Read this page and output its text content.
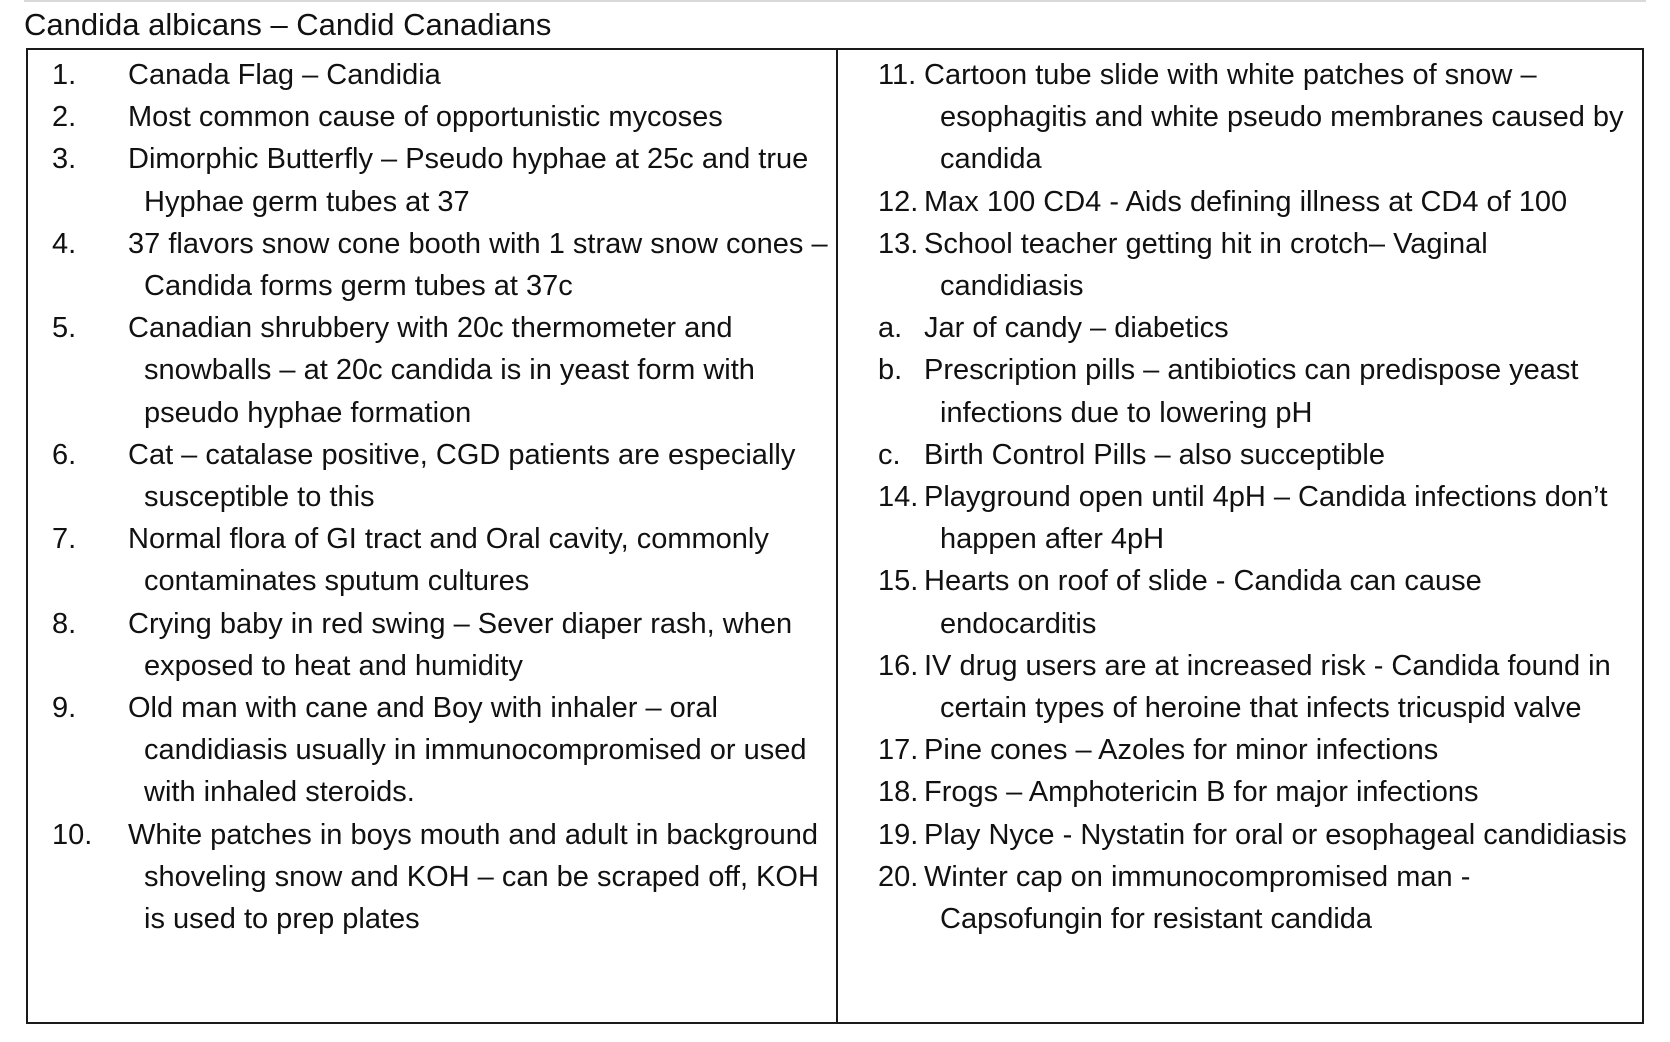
Candida albicans – Candid Canadians
1. Canada Flag – Candidia
2. Most common cause of opportunistic mycoses
3. Dimorphic Butterfly – Pseudo hyphae at 25c and true Hyphae germ tubes at 37
4. 37 flavors snow cone booth with 1 straw snow cones – Candida forms germ tubes at 37c
5. Canadian shrubbery with 20c thermometer and snowballs – at 20c candida is in yeast form with pseudo hyphae formation
6. Cat – catalase positive, CGD patients are especially susceptible to this
7. Normal flora of GI tract and Oral cavity, commonly contaminates sputum cultures
8. Crying baby in red swing – Sever diaper rash, when exposed to heat and humidity
9. Old man with cane and Boy with inhaler – oral candidiasis usually in immunocompromised or used with inhaled steroids.
10. White patches in boys mouth and adult in background shoveling snow and KOH – can be scraped off, KOH is used to prep plates
11. Cartoon tube slide with white patches of snow – esophagitis and white pseudo membranes caused by candida
12. Max 100 CD4 - Aids defining illness at CD4 of 100
13. School teacher getting hit in crotch– Vaginal candidiasis
a. Jar of candy – diabetics
b. Prescription pills – antibiotics can predispose yeast infections due to lowering pH
c. Birth Control Pills – also succeptible
14. Playground open until 4pH – Candida infections don’t happen after 4pH
15. Hearts on roof of slide - Candida can cause endocarditis
16. IV drug users are at increased risk - Candida found in certain types of heroine that infects tricuspid valve
17. Pine cones – Azoles for minor infections
18. Frogs – Amphotericin B for major infections
19. Play Nyce - Nystatin for oral or esophageal candidiasis
20. Winter cap on immunocompromised man - Capsofungin for resistant candida
